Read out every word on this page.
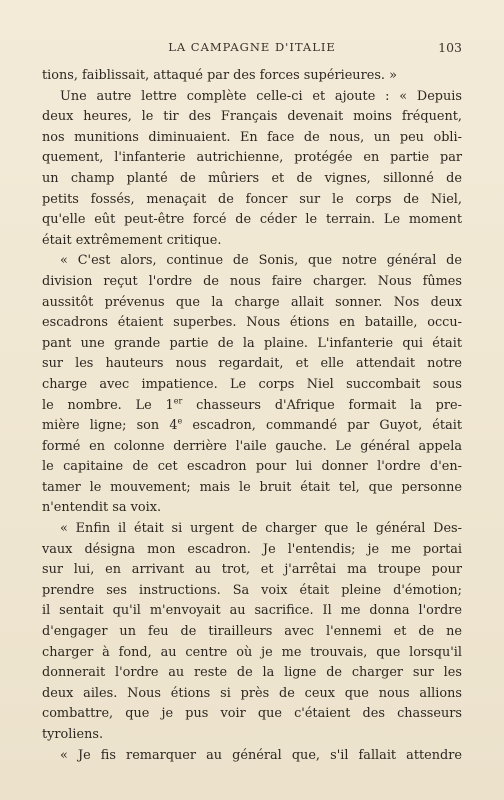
LA CAMPAGNE D'ITALIE	103
tions, faiblissait, attaqué par des forces supérieures. »
Une autre lettre complète celle-ci et ajoute : « Depuis
deux heures, le tir des Français devenait moins fréquent,
nos munitions diminuaient. En face de nous, un peu obli-
quement, l'infanterie autrichienne, protégée en partie par
un champ planté de mûriers et de vignes, sillonné de
petits fossés, menaçait de foncer sur le corps de Niel,
qu'elle eût peut-être forcé de céder le terrain. Le moment
était extrêmement critique.
« C'est alors, continue de Sonis, que notre général de
division reçut l'ordre de nous faire charger. Nous fûmes
aussitôt prévenus que la charge allait sonner. Nos deux
escadrons étaient superbes. Nous étions en bataille, occu-
pant une grande partie de la plaine. L'infanterie qui était
sur les hauteurs nous regardait, et elle attendait notre
charge avec impatience. Le corps Niel succombait sous
le nombre. Le 1er chasseurs d'Afrique formait la pre-
mière ligne; son 4e escadron, commandé par Guyot, était
formé en colonne derrière l'aile gauche. Le général appela
le capitaine de cet escadron pour lui donner l'ordre d'en-
tamer le mouvement; mais le bruit était tel, que personne
n'entendit sa voix.
« Enfin il était si urgent de charger que le général Des-
vaux désigna mon escadron. Je l'entendis; je me portai
sur lui, en arrivant au trot, et j'arrêtai ma troupe pour
prendre ses instructions. Sa voix était pleine d'émotion;
il sentait qu'il m'envoyait au sacrifice. Il me donna l'ordre
d'engager un feu de tirailleurs avec l'ennemi et de ne
charger à fond, au centre où je me trouvais, que lorsqu'il
donnerait l'ordre au reste de la ligne de charger sur les
deux ailes. Nous étions si près de ceux que nous allions
combattre, que je pus voir que c'étaient des chasseurs
tyroliens.
« Je fis remarquer au général que, s'il fallait attendre
